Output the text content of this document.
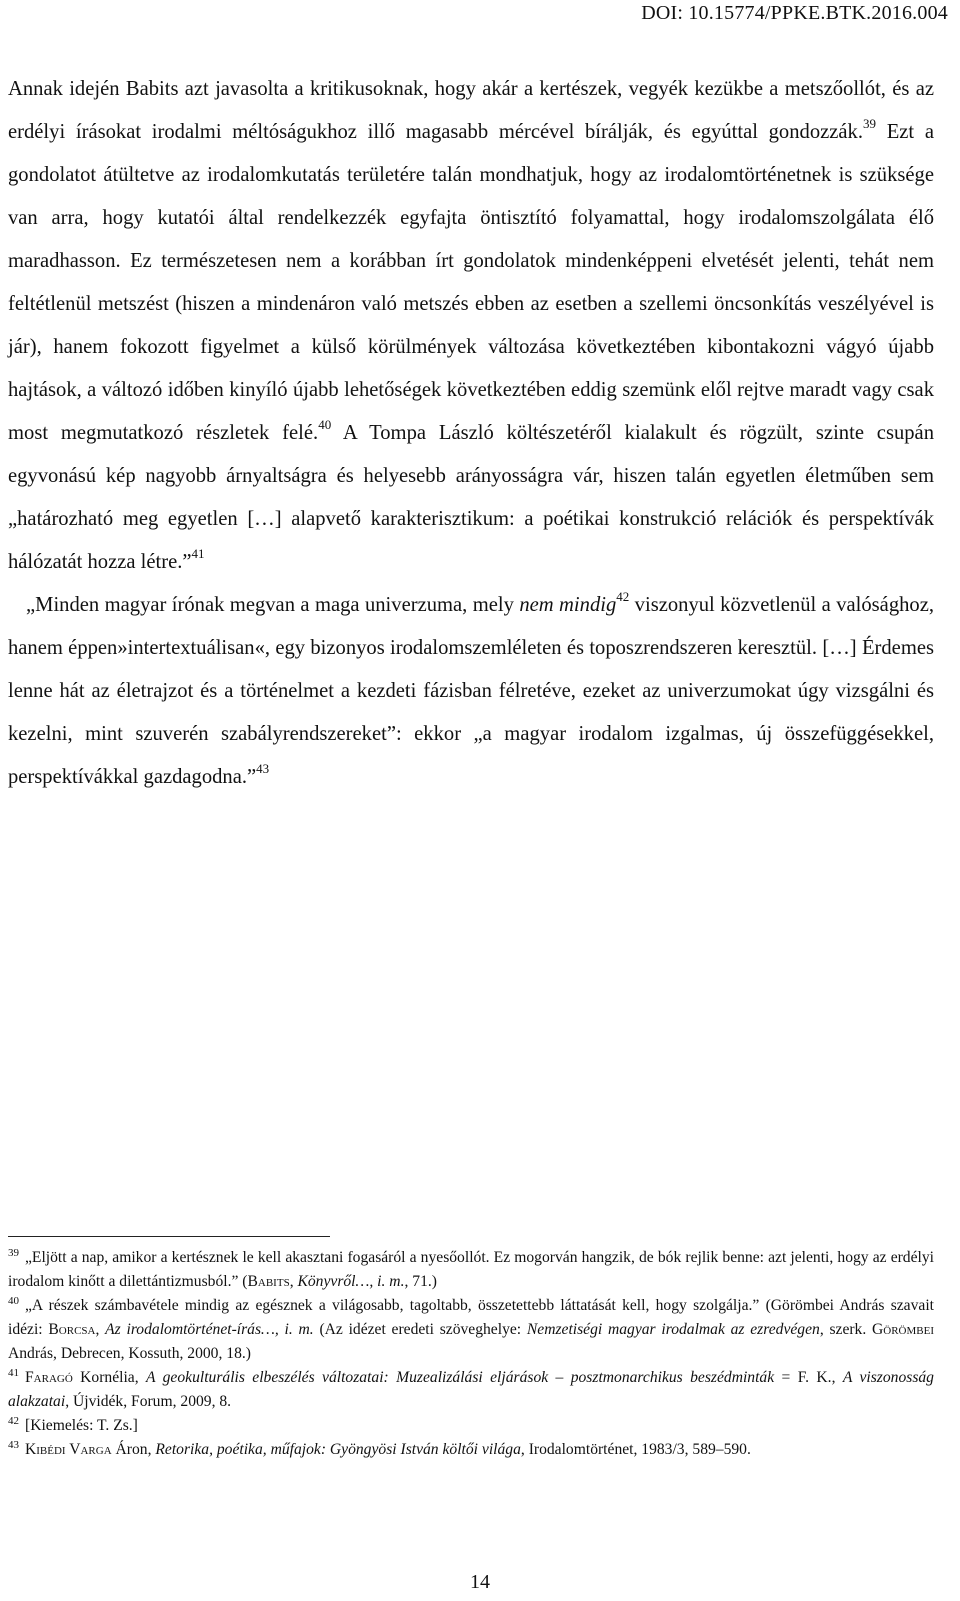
DOI: 10.15774/PPKE.BTK.2016.004

Annak idején Babits azt javasolta a kritikusoknak, hogy akár a kertészek, vegyék kezükbe a metszőollót, és az erdélyi írásokat irodalmi méltóságukhoz illő magasabb mércével bírálják, és egyúttal gondozzák.$^{39}$ Ezt a gondolatot átültetve az irodalomkutatás területére talán mondhatjuk, hogy az irodalomtörténetnek is szüksége van arra, hogy kutatói által rendelkezzék egyfajta öntisztító folyamattal, hogy irodalomszolgálata élő maradhasson. Ez természetesen nem a korábban írt gondolatok mindenképpeni elvetését jelenti, tehát nem feltétlenül metszést (hiszen a mindenáron való metszés ebben az esetben a szellemi öncsonkítás veszélyével is jár), hanem fokozott figyelmet a külső körülmények változása következtében kibontakozni vágyó újabb hajtások, a változó időben kinyíló újabb lehetőségek következtében eddig szemünk elől rejtve maradt vagy csak most megmutatkozó részletek felé.$^{40}$ A Tompa László költészetéről kialakult és rögzült, szinte csupán egyvonású kép nagyobb árnyaltságra és helyesebb arányosságra vár, hiszen talán egyetlen életműben sem „határozható meg egyetlen […] alapvető karakterisztikum: a poétikai konstrukció relációk és perspektívák hálózatát hozza létre.”$^{41}$

„Minden magyar írónak megvan a maga univerzuma, mely nem mindig$^{42}$ viszonyul közvetlenül a valósághoz, hanem éppen»intertextuálisan«, egy bizonyos irodalomszemléleten és toposzrendszeren keresztül. […] Érdemes lenne hát az életrajzot és a történelmet a kezdeti fázisban félretéve, ezeket az univerzumokat úgy vizsgálni és kezelni, mint szuverén szabályrendszereket”: ekkor „a magyar irodalom izgalmas, új összefüggésekkel, perspektívákkal gazdagodna.”$^{43}$

$^{39}$ „Eljött a nap, amikor a kertésznek le kell akasztani fogasáról a nyesőollót. Ez mogorván hangzik, de bók rejlik benne: azt jelenti, hogy az erdélyi irodalom kinőtt a dilettántizmusból.” (Babits, Könyvről…, i. m., 71.)

$^{40}$ „A részek számbavétele mindig az egésznek a világosabb, tagoltabb, összetettebb láttatását kell, hogy szolgálja.” (Görömbei András szavait idézi: Borcsa, Az irodalomtörténet-írás…, i. m. (Az idézet eredeti szöveghelye: Nemzetiségi magyar irodalmak az ezredvégen, szerk. Görömbei András, Debrecen, Kossuth, 2000, 18.)

$^{41}$ Faragó Kornélia, A geokulturális elbeszélés változatai: Muzealizálási eljárások – posztmonarchikus beszédminták = F. K., A viszonosság alakzatai, Újvidék, Forum, 2009, 8.

$^{42}$ [Kiemelés: T. Zs.]

$^{43}$ Kibédi Varga Áron, Retorika, poétika, műfajok: Gyöngyösi István költői világa, Irodalomtörténet, 1983/3, 589–590.

14
